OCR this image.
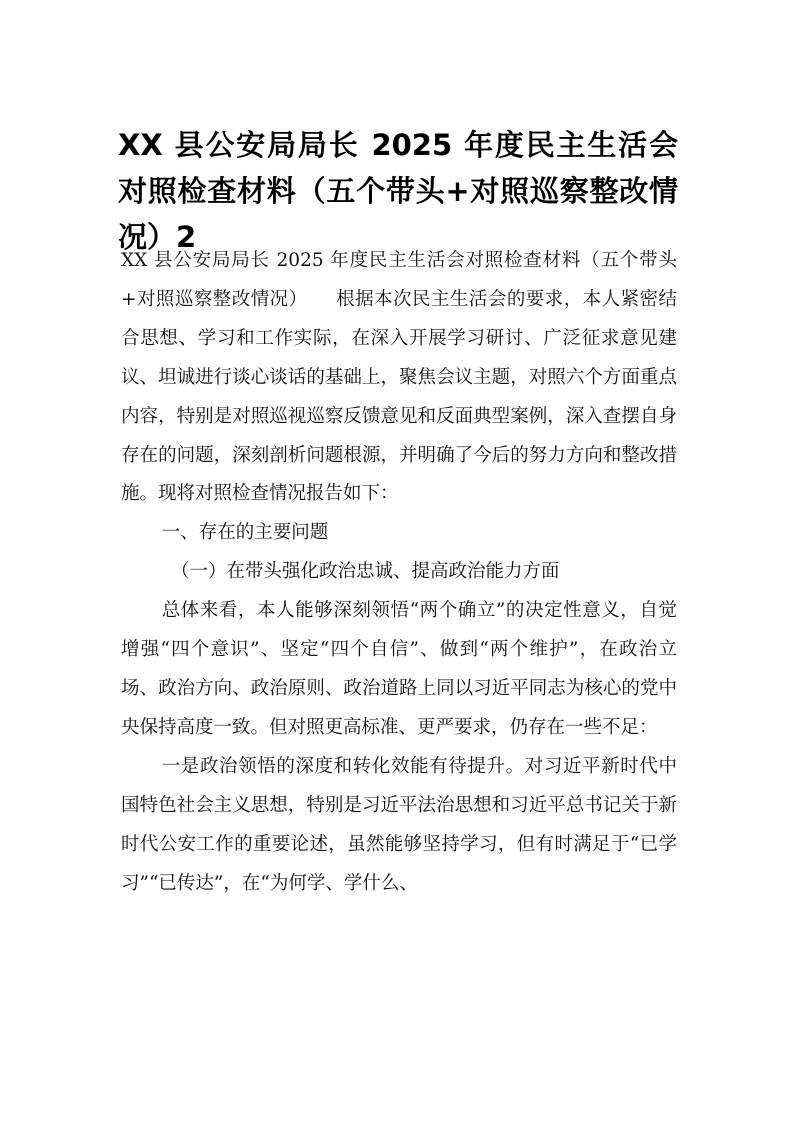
XX 县公安局局长 2025 年度民主生活会对照检查材料（五个带头+对照巡察整改情况）2

XX 县公安局局长 2025 年度民主生活会对照检查材料（五个带头+对照巡察整改情况）　　根据本次民主生活会的要求，本人紧密结合思想、学习和工作实际，在深入开展学习研讨、广泛征求意见建议、坦诚进行谈心谈话的基础上，聚焦会议主题，对照六个方面重点内容，特别是对照巡视巡察反馈意见和反面典型案例，深入查摆自身存在的问题，深刻剖析问题根源，并明确了今后的努力方向和整改措施。现将对照检查情况报告如下：

一、存在的主要问题

（一）在带头强化政治忠诚、提高政治能力方面

总体来看，本人能够深刻领悟“两个确立”的决定性意义，自觉增强“四个意识”、坚定“四个自信”、做到“两个维护”，在政治立场、政治方向、政治原则、政治道路上同以习近平同志为核心的党中央保持高度一致。但对照更高标准、更严要求，仍存在一些不足：

一是政治领悟的深度和转化效能有待提升。对习近平新时代中国特色社会主义思想，特别是习近平法治思想和习近平总书记关于新时代公安工作的重要论述，虽然能够坚持学习，但有时满足于“已学习”“已传达”，在“为何学、学什么、
